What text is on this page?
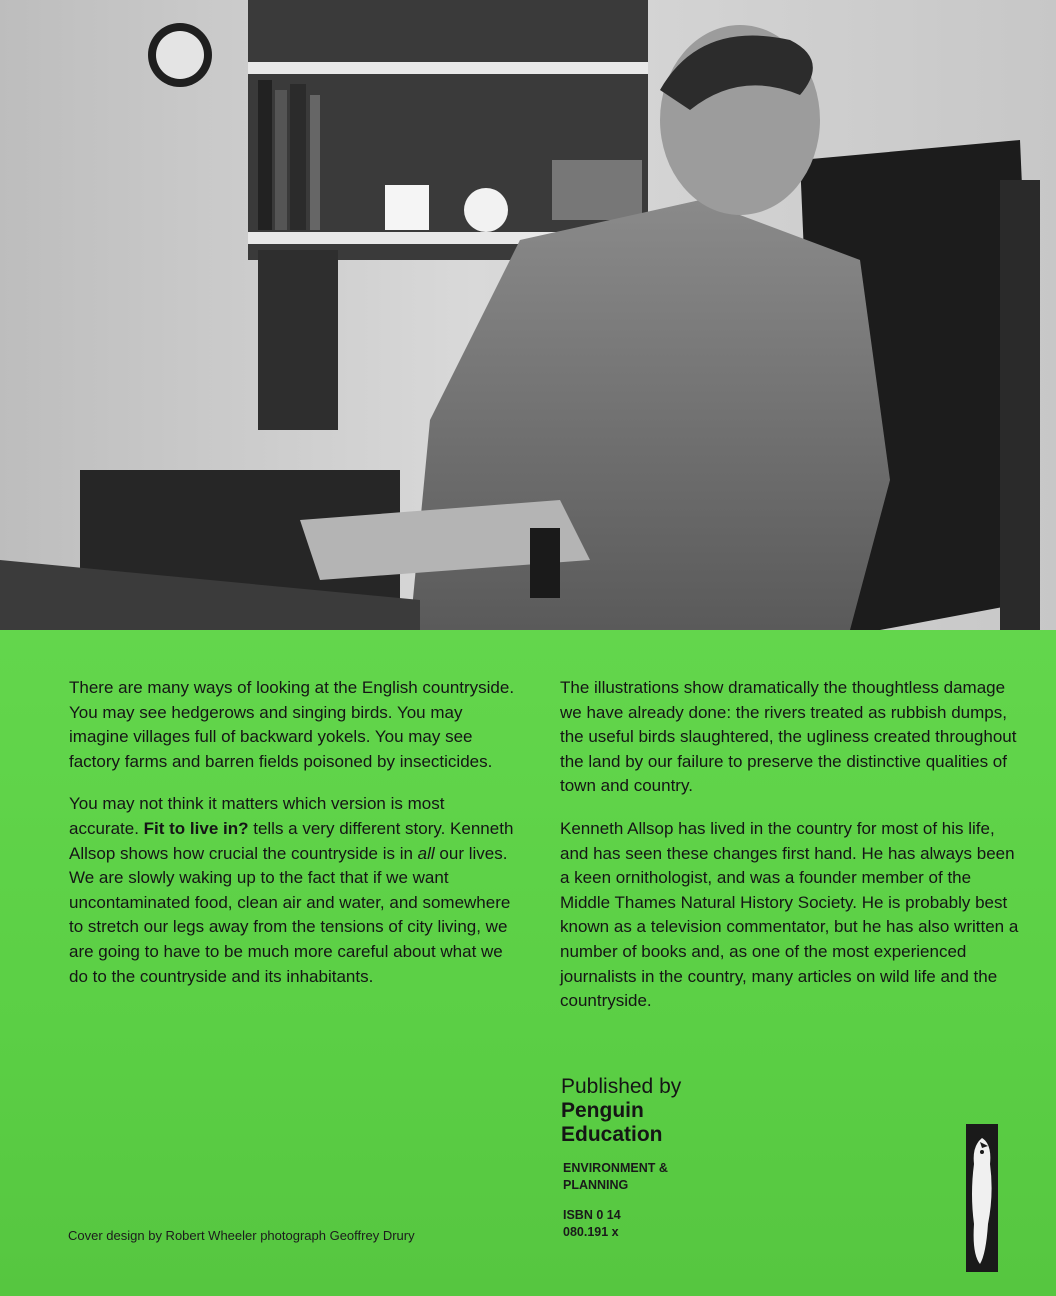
There are many ways of looking at the English countryside. You may see hedgerows and singing birds. You may imagine villages full of backward yokels. You may see factory farms and barren fields poisoned by insecticides.

You may not think it matters which version is most accurate. Fit to live in? tells a very different story. Kenneth Allsop shows how crucial the countryside is in all our lives. We are slowly waking up to the fact that if we want uncontaminated food, clean air and water, and somewhere to stretch our legs away from the tensions of city living, we are going to have to be much more careful about what we do to the countryside and its inhabitants.

The illustrations show dramatically the thoughtless damage we have already done: the rivers treated as rubbish dumps, the useful birds slaughtered, the ugliness created throughout the land by our failure to preserve the distinctive qualities of town and country.

Kenneth Allsop has lived in the country for most of his life, and has seen these changes first hand. He has always been a keen ornithologist, and was a founder member of the Middle Thames Natural History Society. He is probably best known as a television commentator, but he has also written a number of books and, as one of the most experienced journalists in the country, many articles on wild life and the countryside.

Published by
Penguin
Education
ENVIRONMENT &
PLANNING
ISBN 0 14
080.191 x
Cover design by Robert Wheeler photograph Geoffrey Drury
